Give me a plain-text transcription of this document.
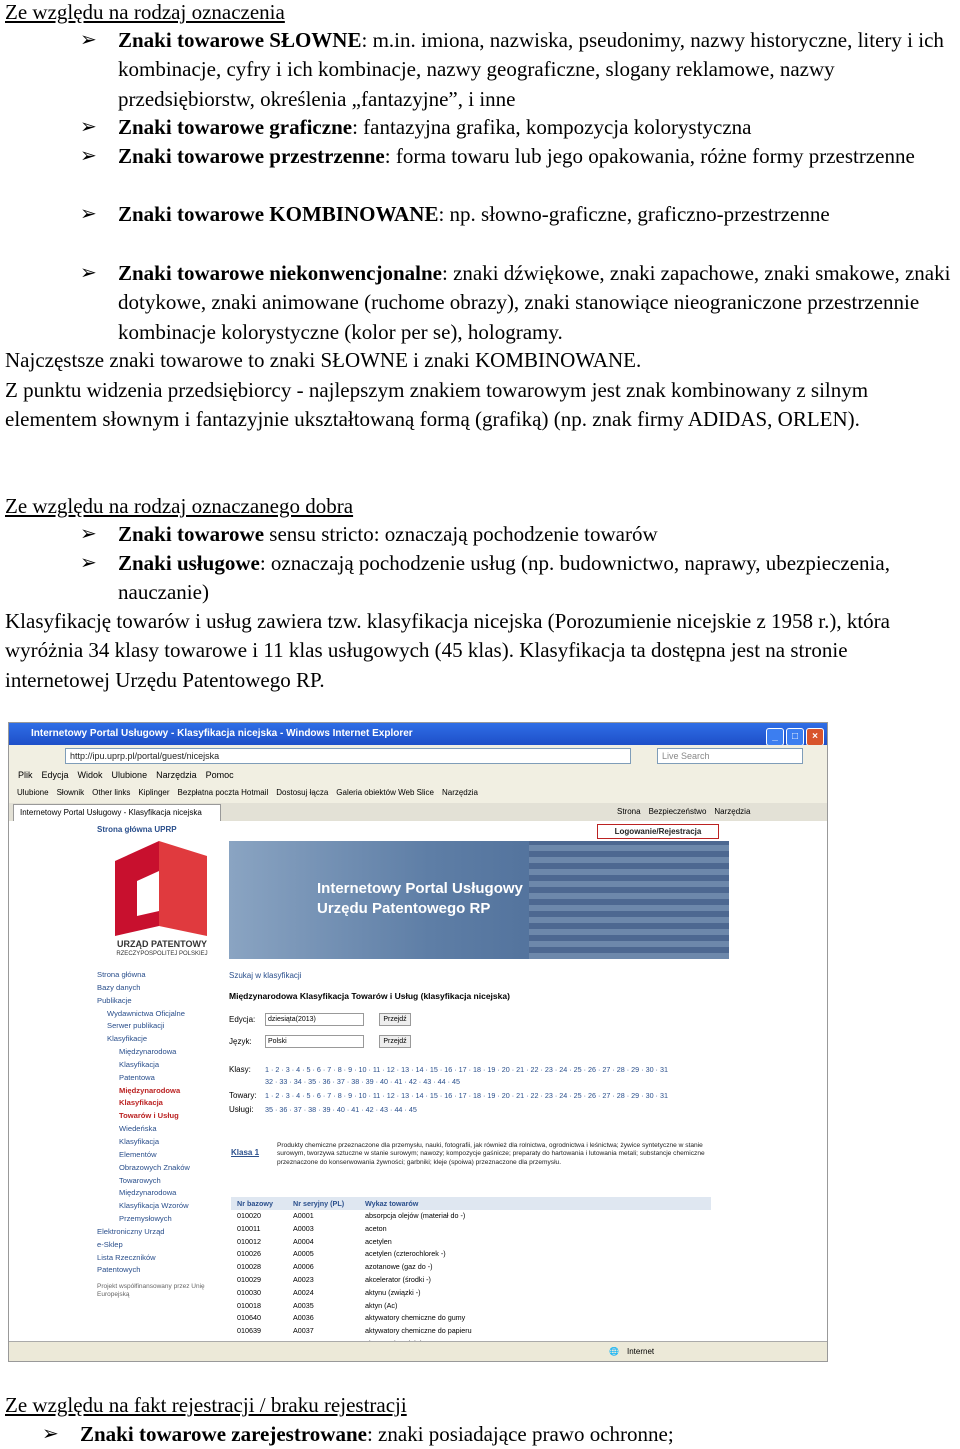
Ze względu na rodzaj oznaczenia
➢ Znaki towarowe SŁOWNE: m.in. imiona, nazwiska, pseudonimy, nazwy historyczne, litery i ich kombinacje, cyfry i ich kombinacje, nazwy geograficzne, slogany reklamowe, nazwy przedsiębiorstw, określenia „fantazyjne”, i inne
➢ Znaki towarowe graficzne: fantazyjna grafika, kompozycja kolorystyczna
➢ Znaki towarowe przestrzenne: forma towaru lub jego opakowania, różne formy przestrzenne
➢ Znaki towarowe KOMBINOWANE: np. słowno-graficzne, graficzno-przestrzenne
➢ Znaki towarowe niekonwencjonalne: znaki dźwiękowe, znaki zapachowe, znaki smakowe, znaki dotykowe, znaki animowane (ruchome obrazy), znaki stanowiące nieograniczone przestrzennie kombinacje kolorystyczne (kolor per se), hologramy.
Najczęstsze znaki towarowe to znaki SŁOWNE i znaki KOMBINOWANE.
Z punktu widzenia przedsiębiorcy - najlepszym znakiem towarowym jest znak kombinowany z silnym elementem słownym i fantazyjnie ukształtowaną formą (grafiką) (np. znak firmy ADIDAS, ORLEN).
Ze względu na rodzaj oznaczanego dobra
➢ Znaki towarowe sensu stricto: oznaczają pochodzenie towarów
➢ Znaki usługowe: oznaczają pochodzenie usług (np. budownictwo, naprawy, ubezpieczenia, nauczanie)
Klasyfikację towarów i usług zawiera tzw. klasyfikacja nicejska (Porozumienie nicejskie z 1958 r.), która wyróżnia 34 klasy towarowe i 11 klas usługowych (45 klas). Klasyfikacja ta dostępna jest na stronie internetowej Urzędu Patentowego RP.
Internetowy Portal Usługowy - Klasyfikacja nicejska - Windows Internet Explorer	_ □ ×
http://ipu.uprp.pl/portal/guest/nicejska	Live Search
Plik Edycja Widok Ulubione Narzędzia Pomoc
Ulubione Słownik Other links Kiplinger Bezpłatna poczta Hotmail Dostosuj łącza Galeria obiektów Web Slice Narzędzia
Internetowy Portal Usługowy - Klasyfikacja nicejska	Strona Bezpieczeństwo Narzędzia
Strona główna UPRP	Logowanie/Rejestracja
URZĄD PATENTOWY
RZECZYPOSPOLITEJ POLSKIEJ
Internetowy Portal Usługowy
Urzędu Patentowego RP
Strona główna
Bazy danych
Publikacje
Wydawnictwa Oficjalne
Serwer publikacji
Klasyfikacje
Międzynarodowa
Klasyfikacja
Patentowa
Międzynarodowa
Klasyfikacja
Towarów i Usług
Wiedeńska
Klasyfikacja
Elementów
Obrazowych Znaków
Towarowych
Międzynarodowa
Klasyfikacja Wzorów
Przemysłowych
Elektroniczny Urząd
e-Sklep
Lista Rzeczników
Patentowych
Projekt współfinansowany przez Unię Europejską
Szukaj w klasyfikacji
Międzynarodowa Klasyfikacja Towarów i Usług (klasyfikacja nicejska)
Edycja:	dziesiąta(2013)	Przejdź
Język:	Polski	Przejdź
Klasy: 1 · 2 · 3 · 4 · 5 · 6 · 7 · 8 · 9 · 10 · 11 · 12 · 13 · 14 · 15 · 16 · 17 · 18 · 19 · 20 · 21 · 22 · 23 · 24 · 25 · 26 · 27 · 28 · 29 · 30 · 31
32 · 33 · 34 · 35 · 36 · 37 · 38 · 39 · 40 · 41 · 42 · 43 · 44 · 45
Towary: 1 · 2 · 3 · 4 · 5 · 6 · 7 · 8 · 9 · 10 · 11 · 12 · 13 · 14 · 15 · 16 · 17 · 18 · 19 · 20 · 21 · 22 · 23 · 24 · 25 · 26 · 27 · 28 · 29 · 30 · 31
Usługi: 35 · 36 · 37 · 38 · 39 · 40 · 41 · 42 · 43 · 44 · 45
Klasa 1
Produkty chemiczne przeznaczone dla przemysłu, nauki, fotografii, jak również dla rolnictwa, ogrodnictwa i leśnictwa; żywice syntetyczne w stanie surowym, tworzywa sztuczne w stanie surowym; nawozy; kompozycje gaśnicze; preparaty do hartowania i lutowania metali; substancje chemiczne przeznaczone do konserwowania żywności; garbniki; kleje (spoiwa) przeznaczone dla przemysłu.
Nr bazowy	Nr seryjny (PL)	Wykaz towarów
010020	A0001	absorpcja olejów (materiał do -)
010011	A0003	aceton
010012	A0004	acetylen
010026	A0005	acetylen (czterochlorek -)
010028	A0006	azotanowe (gaz do -)
010029	A0023	akcelerator (środki -)
010030	A0024	aktynu (związki -)
010018	A0035	aktyn (Ac)
010640	A0036	aktywatory chemiczne do gumy
010639	A0037	aktywatory chemiczne do papieru
🌐 Internet
Ze względu na fakt rejestracji / braku rejestracji
➢ Znaki towarowe zarejestrowane: znaki posiadające prawo ochronne;
